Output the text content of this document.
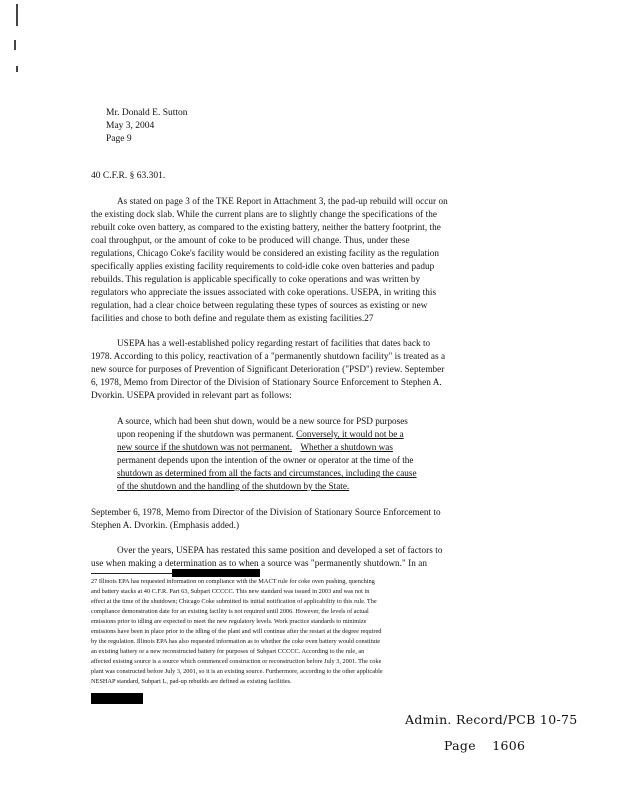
Mr. Donald E. Sutton
May 3, 2004
Page 9
40 C.F.R. § 63.301.
As stated on page 3 of the TKE Report in Attachment 3, the pad-up rebuild will occur on
the existing dock slab. While the current plans are to slightly change the specifications of the
rebuilt coke oven battery, as compared to the existing battery, neither the battery footprint, the
coal throughput, or the amount of coke to be produced will change. Thus, under these
regulations, Chicago Coke's facility would be considered an existing facility as the regulation
specifically applies existing facility requirements to cold-idle coke oven batteries and padup
rebuilds. This regulation is applicable specifically to coke operations and was written by
regulators who appreciate the issues associated with coke operations. USEPA, in writing this
regulation, had a clear choice between regulating these types of sources as existing or new
facilities and chose to both define and regulate them as existing facilities.27
USEPA has a well-established policy regarding restart of facilities that dates back to
1978. According to this policy, reactivation of a "permanently shutdown facility" is treated as a
new source for purposes of Prevention of Significant Deterioration ("PSD") review. September
6, 1978, Memo from Director of the Division of Stationary Source Enforcement to Stephen A.
Dvorkin. USEPA provided in relevant part as follows:
A source, which had been shut down, would be a new source for PSD purposes
upon reopening if the shutdown was permanent. Conversely, it would not be a
new source if the shutdown was not permanent. Whether a shutdown was
permanent depends upon the intention of the owner or operator at the time of the
shutdown as determined from all the facts and circumstances, including the cause
of the shutdown and the handling of the shutdown by the State.
September 6, 1978, Memo from Director of the Division of Stationary Source Enforcement to
Stephen A. Dvorkin. (Emphasis added.)
Over the years, USEPA has restated this same position and developed a set of factors to
use when making a determination as to when a source was "permanently shutdown." In an
27 Illinois EPA has requested information on compliance with the MACT rule for coke oven pushing, quenching
and battery stacks at 40 C.F.R. Part 63, Subpart CCCCC. This new standard was issued in 2003 and was not in
effect at the time of the shutdown; Chicago Coke submitted its initial notification of applicability to this rule. The
compliance demonstration date for an existing facility is not required until 2006. However, the levels of actual
emissions prior to idling are expected to meet the new regulatory levels. Work practice standards to minimize
emissions have been in place prior to the idling of the plant and will continue after the restart at the degree required
by the regulation. Illinois EPA has also requested information as to whether the coke oven battery would constitute
an existing battery or a new reconstructed battery for purposes of Subpart CCCCC. According to the rule, an
affected existing source is a source which commenced construction or reconstruction before July 3, 2001. The coke
plant was constructed before July 3, 2001, so it is an existing source. Furthermore, according to the other applicable
NESHAP standard, Subpart L, pad-up rebuilds are defined as existing facilities.
Admin. Record/PCB 10-75
Page 1606
